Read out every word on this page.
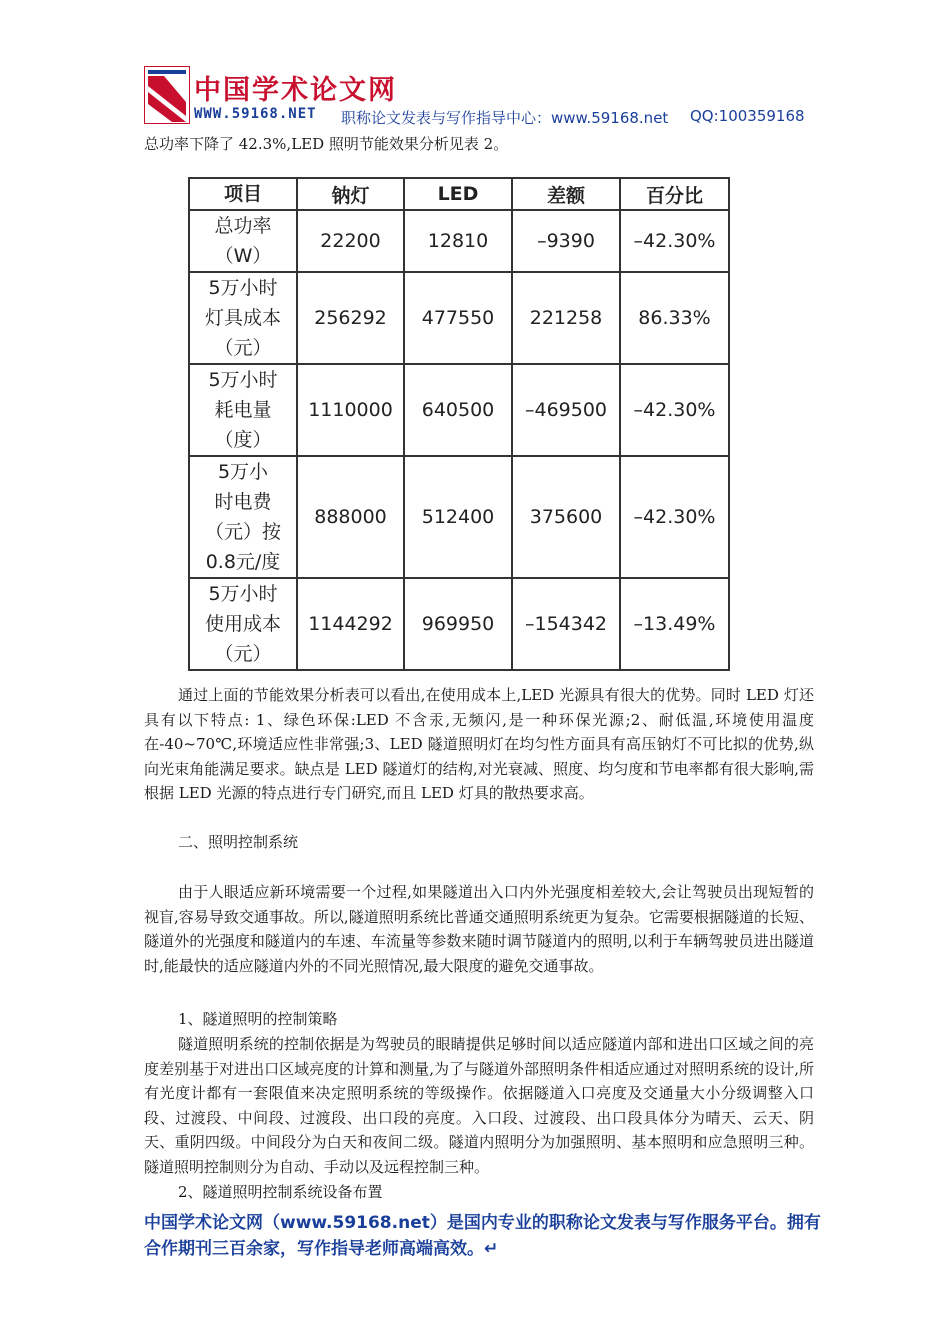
中国学术论文网
WWW.59168.NET 职称论文发表与写作指导中心：www.59168.net QQ:100359168
总功率下降了 42.3%,LED 照明节能效果分析见表 2。
项目	钠灯	LED	差额	百分比

总功率
（W）	22200	12810	–9390	–42.30%

5万小时
灯具成本
（元）	256292	477550	221258	86.33%

5万小时
耗电量
（度）	1110000	640500	–469500	–42.30%

5万小
时电费
（元）按
0.8元/度	888000	512400	375600	–42.30%

5万小时
使用成本
（元）	1144292	969950	–154342	–13.49%
通过上面的节能效果分析表可以看出,在使用成本上,LED 光源具有很大的优势。同时 LED 灯还具有以下特点: 1、绿色环保:LED 不含汞,无频闪,是一种环保光源;2、耐低温,环境使用温度在-40~70℃,环境适应性非常强;3、LED 隧道照明灯在均匀性方面具有高压钠灯不可比拟的优势,纵向光束角能满足要求。缺点是 LED 隧道灯的结构,对光衰减、照度、均匀度和节电率都有很大影响,需根据 LED 光源的特点进行专门研究,而且 LED 灯具的散热要求高。
二、照明控制系统
由于人眼适应新环境需要一个过程,如果隧道出入口内外光强度相差较大,会让驾驶员出现短暂的视盲,容易导致交通事故。所以,隧道照明系统比普通交通照明系统更为复杂。它需要根据隧道的长短、隧道外的光强度和隧道内的车速、车流量等参数来随时调节隧道内的照明,以利于车辆驾驶员进出隧道时,能最快的适应隧道内外的不同光照情况,最大限度的避免交通事故。
1、隧道照明的控制策略
隧道照明系统的控制依据是为驾驶员的眼睛提供足够时间以适应隧道内部和进出口区域之间的亮度差别基于对进出口区域亮度的计算和测量,为了与隧道外部照明条件相适应通过对照明系统的设计,所有光度计都有一套限值来决定照明系统的等级操作。依据隧道入口亮度及交通量大小分级调整入口段、过渡段、中间段、过渡段、出口段的亮度。入口段、过渡段、出口段具体分为晴天、云天、阴天、重阴四级。中间段分为白天和夜间二级。隧道内照明分为加强照明、基本照明和应急照明三种。隧道照明控制则分为自动、手动以及远程控制三种。
2、隧道照明控制系统设备布置
中国学术论文网（www.59168.net）是国内专业的职称论文发表与写作服务平台。拥有合作期刊三百余家，写作指导老师高端高效。↵
